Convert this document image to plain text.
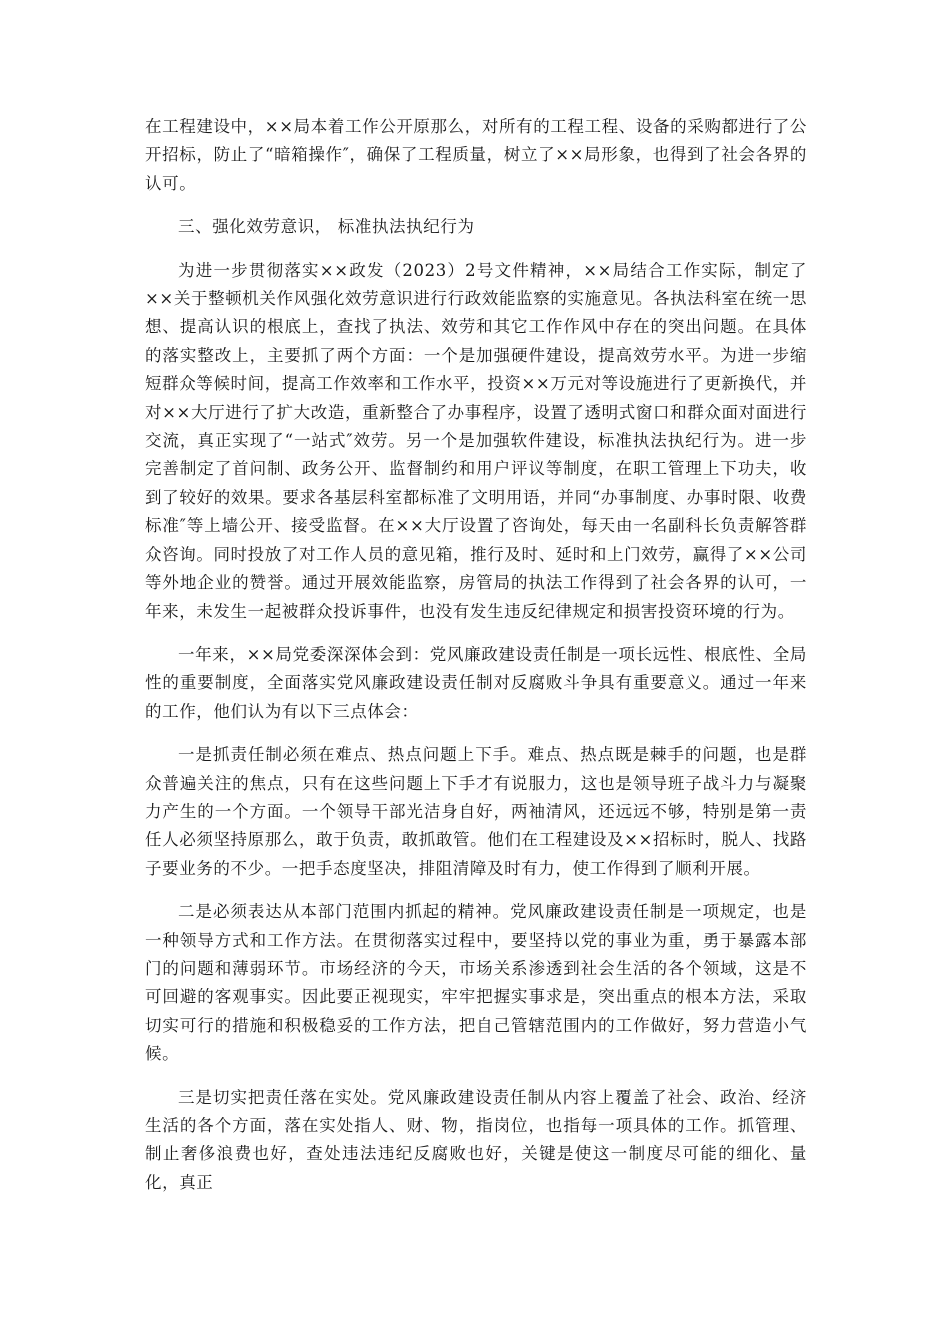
在工程建设中，××局本着工作公开原那么，对所有的工程工程、设备的采购都进行了公开招标，防止了“暗箱操作″，确保了工程质量，树立了××局形象，也得到了社会各界的认可。

三、强化效劳意识， 标准执法执纪行为

为进一步贯彻落实××政发（2023）2号文件精神，××局结合工作实际，制定了××关于整顿机关作风强化效劳意识进行行政效能监察的实施意见。各执法科室在统一思想、提高认识的根底上，查找了执法、效劳和其它工作作风中存在的突出问题。在具体的落实整改上，主要抓了两个方面：一个是加强硬件建设，提高效劳水平。为进一步缩短群众等候时间，提高工作效率和工作水平，投资××万元对等设施进行了更新换代，并对××大厅进行了扩大改造，重新整合了办事程序，设置了透明式窗口和群众面对面进行交流，真正实现了“一站式″效劳。另一个是加强软件建设，标准执法执纪行为。进一步完善制定了首问制、政务公开、监督制约和用户评议等制度，在职工管理上下功夫，收到了较好的效果。要求各基层科室都标准了文明用语，并同“办事制度、办事时限、收费标准″等上墙公开、接受监督。在××大厅设置了咨询处，每天由一名副科长负责解答群众咨询。同时投放了对工作人员的意见箱，推行及时、延时和上门效劳，赢得了××公司等外地企业的赞誉。通过开展效能监察，房管局的执法工作得到了社会各界的认可，一年来，未发生一起被群众投诉事件，也没有发生违反纪律规定和损害投资环境的行为。

一年来，××局党委深深体会到：党风廉政建设责任制是一项长远性、根底性、全局性的重要制度，全面落实党风廉政建设责任制对反腐败斗争具有重要意义。通过一年来的工作，他们认为有以下三点体会：

一是抓责任制必须在难点、热点问题上下手。难点、热点既是棘手的问题，也是群众普遍关注的焦点，只有在这些问题上下手才有说服力，这也是领导班子战斗力与凝聚力产生的一个方面。一个领导干部光洁身自好，两袖清风，还远远不够，特别是第一责任人必须坚持原那么，敢于负责，敢抓敢管。他们在工程建设及××招标时，脱人、找路子要业务的不少。一把手态度坚决，排阻清障及时有力，使工作得到了顺利开展。

二是必须表达从本部门范围内抓起的精神。党风廉政建设责任制是一项规定，也是一种领导方式和工作方法。在贯彻落实过程中，要坚持以党的事业为重，勇于暴露本部门的问题和薄弱环节。市场经济的今天，市场关系渗透到社会生活的各个领域，这是不可回避的客观事实。因此要正视现实，牢牢把握实事求是，突出重点的根本方法，采取切实可行的措施和积极稳妥的工作方法，把自己管辖范围内的工作做好，努力营造小气候。

三是切实把责任落在实处。党风廉政建设责任制从内容上覆盖了社会、政治、经济生活的各个方面，落在实处指人、财、物，指岗位，也指每一项具体的工作。抓管理、制止奢侈浪费也好，查处违法违纪反腐败也好，关键是使这一制度尽可能的细化、量化，真正
